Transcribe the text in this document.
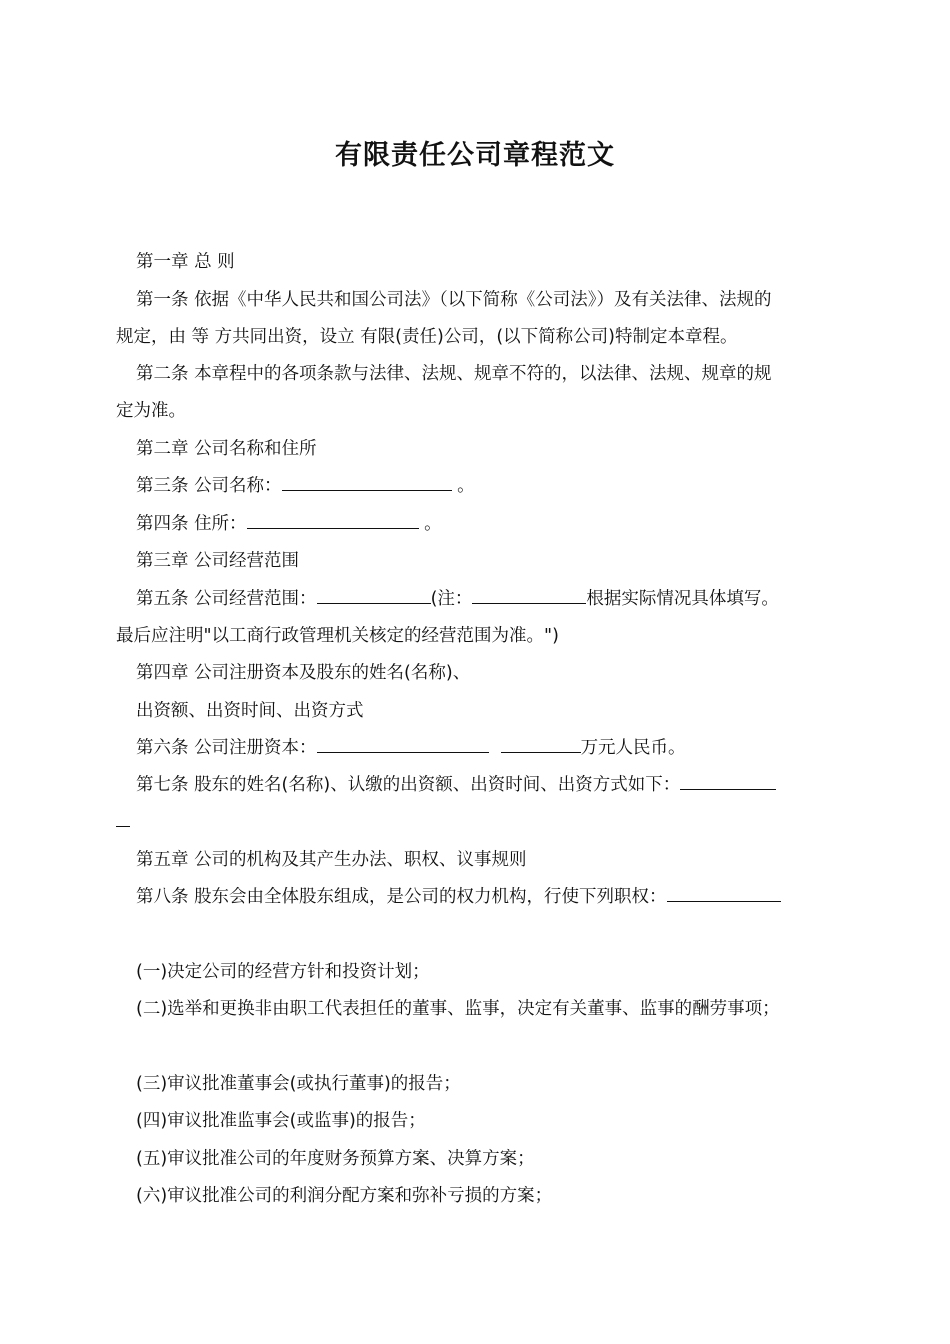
有限责任公司章程范文
第一章 总 则
第一条 依据《中华人民共和国公司法》（以下简称《公司法》）及有关法律、法规的
规定，由 等 方共同出资，设立 有限(责任)公司，(以下简称公司)特制定本章程。
第二条 本章程中的各项条款与法律、法规、规章不符的，以法律、法规、规章的规
定为准。
第二章 公司名称和住所
第三条 公司名称：	。
第四条 住所：	。
第三章 公司经营范围
第五条 公司经营范围：	(注：	根据实际情况具体填写。
最后应注明"以工商行政管理机关核定的经营范围为准。")
第四章 公司注册资本及股东的姓名(名称)、
出资额、出资时间、出资方式
第六条 公司注册资本：	万元人民币。
第七条 股东的姓名(名称)、认缴的出资额、出资时间、出资方式如下：
第五章 公司的机构及其产生办法、职权、议事规则
第八条 股东会由全体股东组成，是公司的权力机构，行使下列职权：
(一)决定公司的经营方针和投资计划；
(二)选举和更换非由职工代表担任的董事、监事，决定有关董事、监事的酬劳事项；
(三)审议批准董事会(或执行董事)的报告；
(四)审议批准监事会(或监事)的报告；
(五)审议批准公司的年度财务预算方案、决算方案；
(六)审议批准公司的利润分配方案和弥补亏损的方案；
